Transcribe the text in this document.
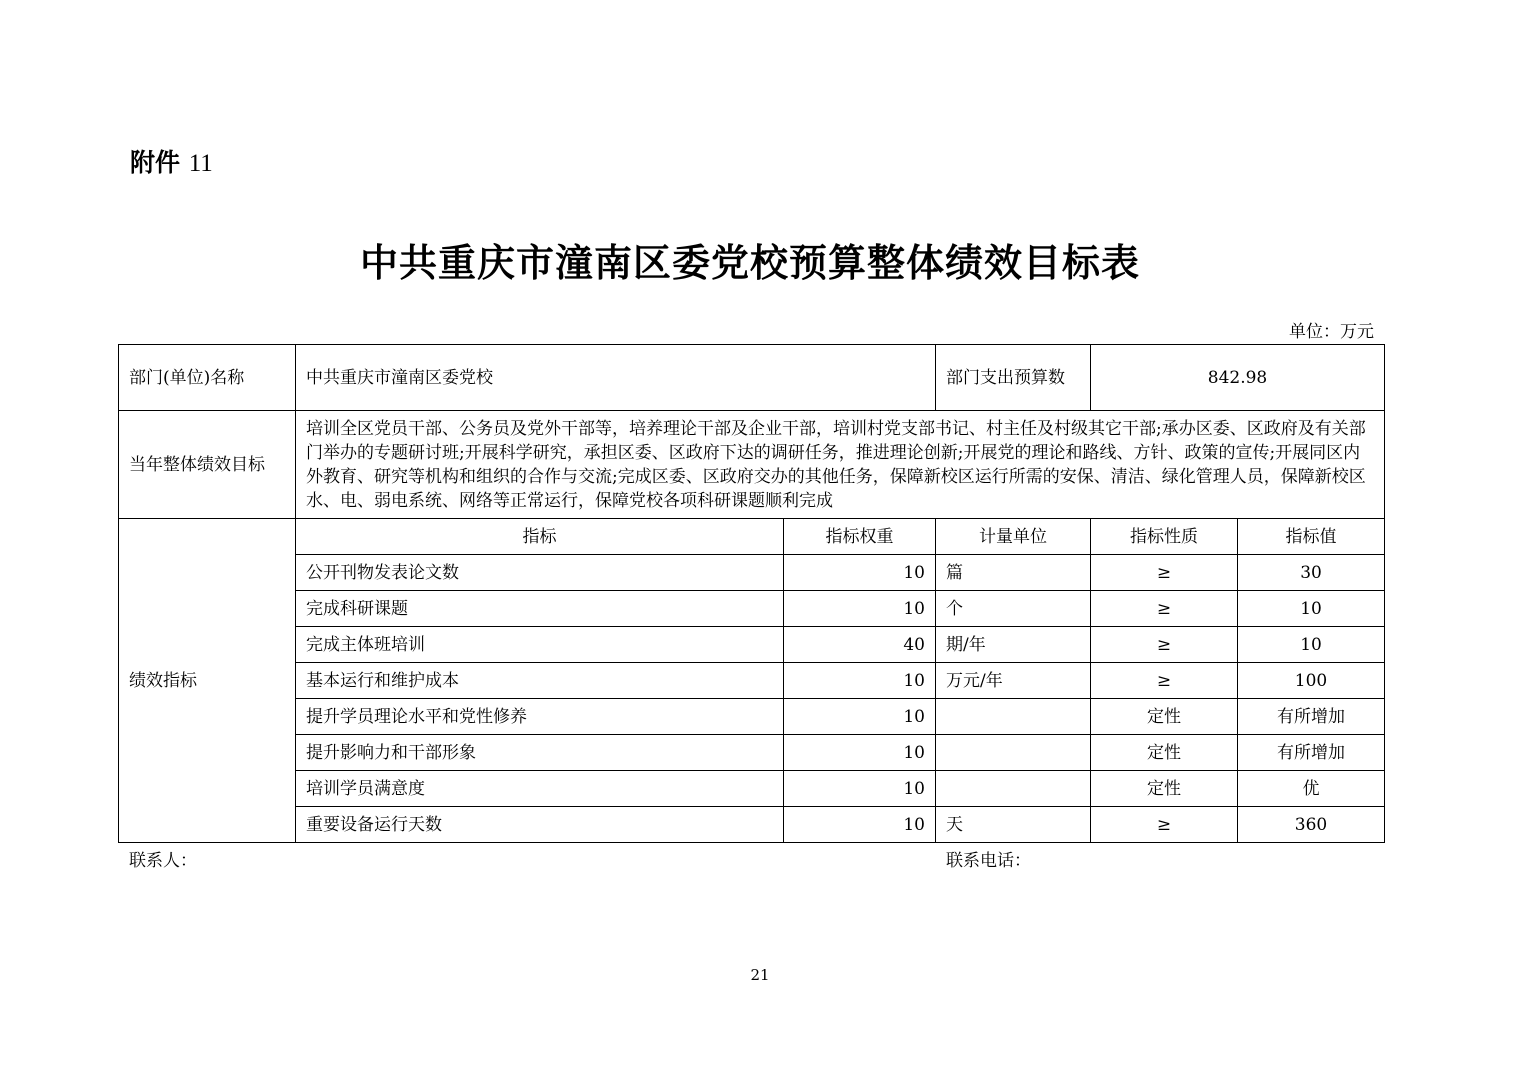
附件 11
中共重庆市潼南区委党校预算整体绩效目标表
单位：万元
部门(单位)名称	中共重庆市潼南区委党校		部门支出预算数	842.98	
当年整体绩效目标	培训全区党员干部、公务员及党外干部等，培养理论干部及企业干部，培训村党支部书记、村主任及村级其它干部;承办区委、区政府及有关部门举办的专题研讨班;开展科学研究，承担区委、区政府下达的调研任务，推进理论创新;开展党的理论和路线、方针、政策的宣传;开展同区内外教育、研究等机构和组织的合作与交流;完成区委、区政府交办的其他任务，保障新校区运行所需的安保、清洁、绿化管理人员，保障新校区水、电、弱电系统、网络等正常运行，保障党校各项科研课题顺利完成				
绩效指标	指标	指标权重	计量单位	指标性质	指标值
	公开刊物发表论文数	10	篇	≥	30
	完成科研课题	10	个	≥	10
	完成主体班培训	40	期/年	≥	10
	基本运行和维护成本	10	万元/年	≥	100
	提升学员理论水平和党性修养	10		定性	有所增加
	提升影响力和干部形象	10		定性	有所增加
	培训学员满意度	10		定性	优
	重要设备运行天数	10	天	≥	360
联系人：	联系电话：
21
